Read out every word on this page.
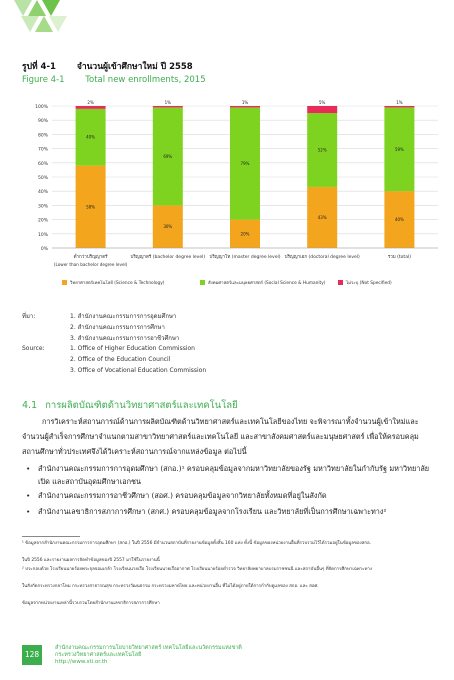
รูปที่ 4-1 จำนวนผู้เข้าศึกษาใหม่ ปี 2558
Figure 4-1 Total new enrollments, 2015
0%
10%
20%
30%
40%
50%
60%
70%
80%
90%
100%
58%
40%
2%
ต่ำกว่าปริญญาตรี
(Lower than bachelor degree level)
30%
69%
1%
ปริญญาตรี (bachelor degree level)
20%
79%
1%
ปริญญาโท (master degree level)
43%
52%
5%
ปริญญาเอก (doctoral degree level)
40%
59%
1%
รวม (total)
วิทยาศาสตร์เทคโนโลยี (Science & Technology)	สังคมศาสตร์และมนุษยศาสตร์ (Social Science & Humanity)	ไม่ระบุ (Not Specified)
ที่มา:	1. สำนักงานคณะกรรมการการอุดมศึกษา
2. สำนักงานคณะกรรมการการศึกษา
3. สำนักงานคณะกรรมการการอาชีวศึกษา
Source:	1. Office of Higher Education Commission
2. Office of the Education Council
3. Office of Vocational Education Commission
4.1 การผลิตบัณฑิตด้านวิทยาศาสตร์และเทคโนโลยี
การวิเคราะห์สถานการณ์ด้านการผลิตบัณฑิตด้านวิทยาศาสตร์และเทคโนโลยีของไทย จะพิจารณาทั้งจำนวนผู้เข้าใหม่และจำนวนผู้สำเร็จการศึกษาจำแนกตามสาขาวิทยาศาสตร์และเทคโนโลยี และสาขาสังคมศาสตร์และมนุษยศาสตร์ เพื่อให้ครอบคลุมสถานศึกษาทั่วประเทศจึงได้วิเคราะห์สถานการณ์จากแหล่งข้อมูล ต่อไปนี้
• สำนักงานคณะกรรมการการอุดมศึกษา (สกอ.)¹ ครอบคลุมข้อมูลจากมหาวิทยาลัยของรัฐ มหาวิทยาลัยในกำกับรัฐ มหาวิทยาลัยเปิด และสถาบันอุดมศึกษาเอกชน
• สำนักงานคณะกรรมการอาชีวศึกษา (สอศ.) ครอบคลุมข้อมูลจากวิทยาลัยทั้งหมดที่อยู่ในสังกัด
• สำนักงานเลขาธิการสภาการศึกษา (สกศ.) ครอบคลุมข้อมูลจากโรงเรียน และวิทยาลัยที่เป็นการศึกษาเฉพาะทาง²
¹ ข้อมูลจากสำนักงานคณะกรรมการการอุดมศึกษา (สกอ.) ในปี 2556 มีจำนวนสถาบันที่รายงานข้อมูลทั้งสิ้น 160 แห่ง ทั้งนี้ ข้อมูลของหน่วยงานอื่นที่รวบรวมไว้ได้รวมอยู่ในข้อมูลของสกอ.
ในปี 2556 และรายงานผลการจัดทำข้อมูลของปี 2557 มาใช้ในรายงานนี้
² ประกอบด้วย โรงเรียนนายร้อยพระจุลจอมเกล้า โรงเรียนนายเรือ โรงเรียนนายเรืออากาศ โรงเรียนนายร้อยตำรวจ วิทยาลัยพยาบาลบรมราชชนนี และสถาบันอื่นๆ ที่จัดการศึกษาเฉพาะทาง
ในสังกัดกระทรวงกลาโหม กระทรวงสาธารณสุข กระทรวงวัฒนธรรม กระทรวงมหาดไทย และหน่วยงานอื่น ที่ไม่ได้อยู่ภายใต้การกำกับดูแลของ สกอ. และ สอศ.
ข้อมูลจากหน่วยงานเหล่านี้รวบรวมโดยสำนักงานเลขาธิการสภาการศึกษา
128
สำนักงานคณะกรรมการนโยบายวิทยาศาสตร์ เทคโนโลยีและนวัตกรรมแห่งชาติ
กระทรวงวิทยาศาสตร์และเทคโนโลยี
http://www.sti.or.th
